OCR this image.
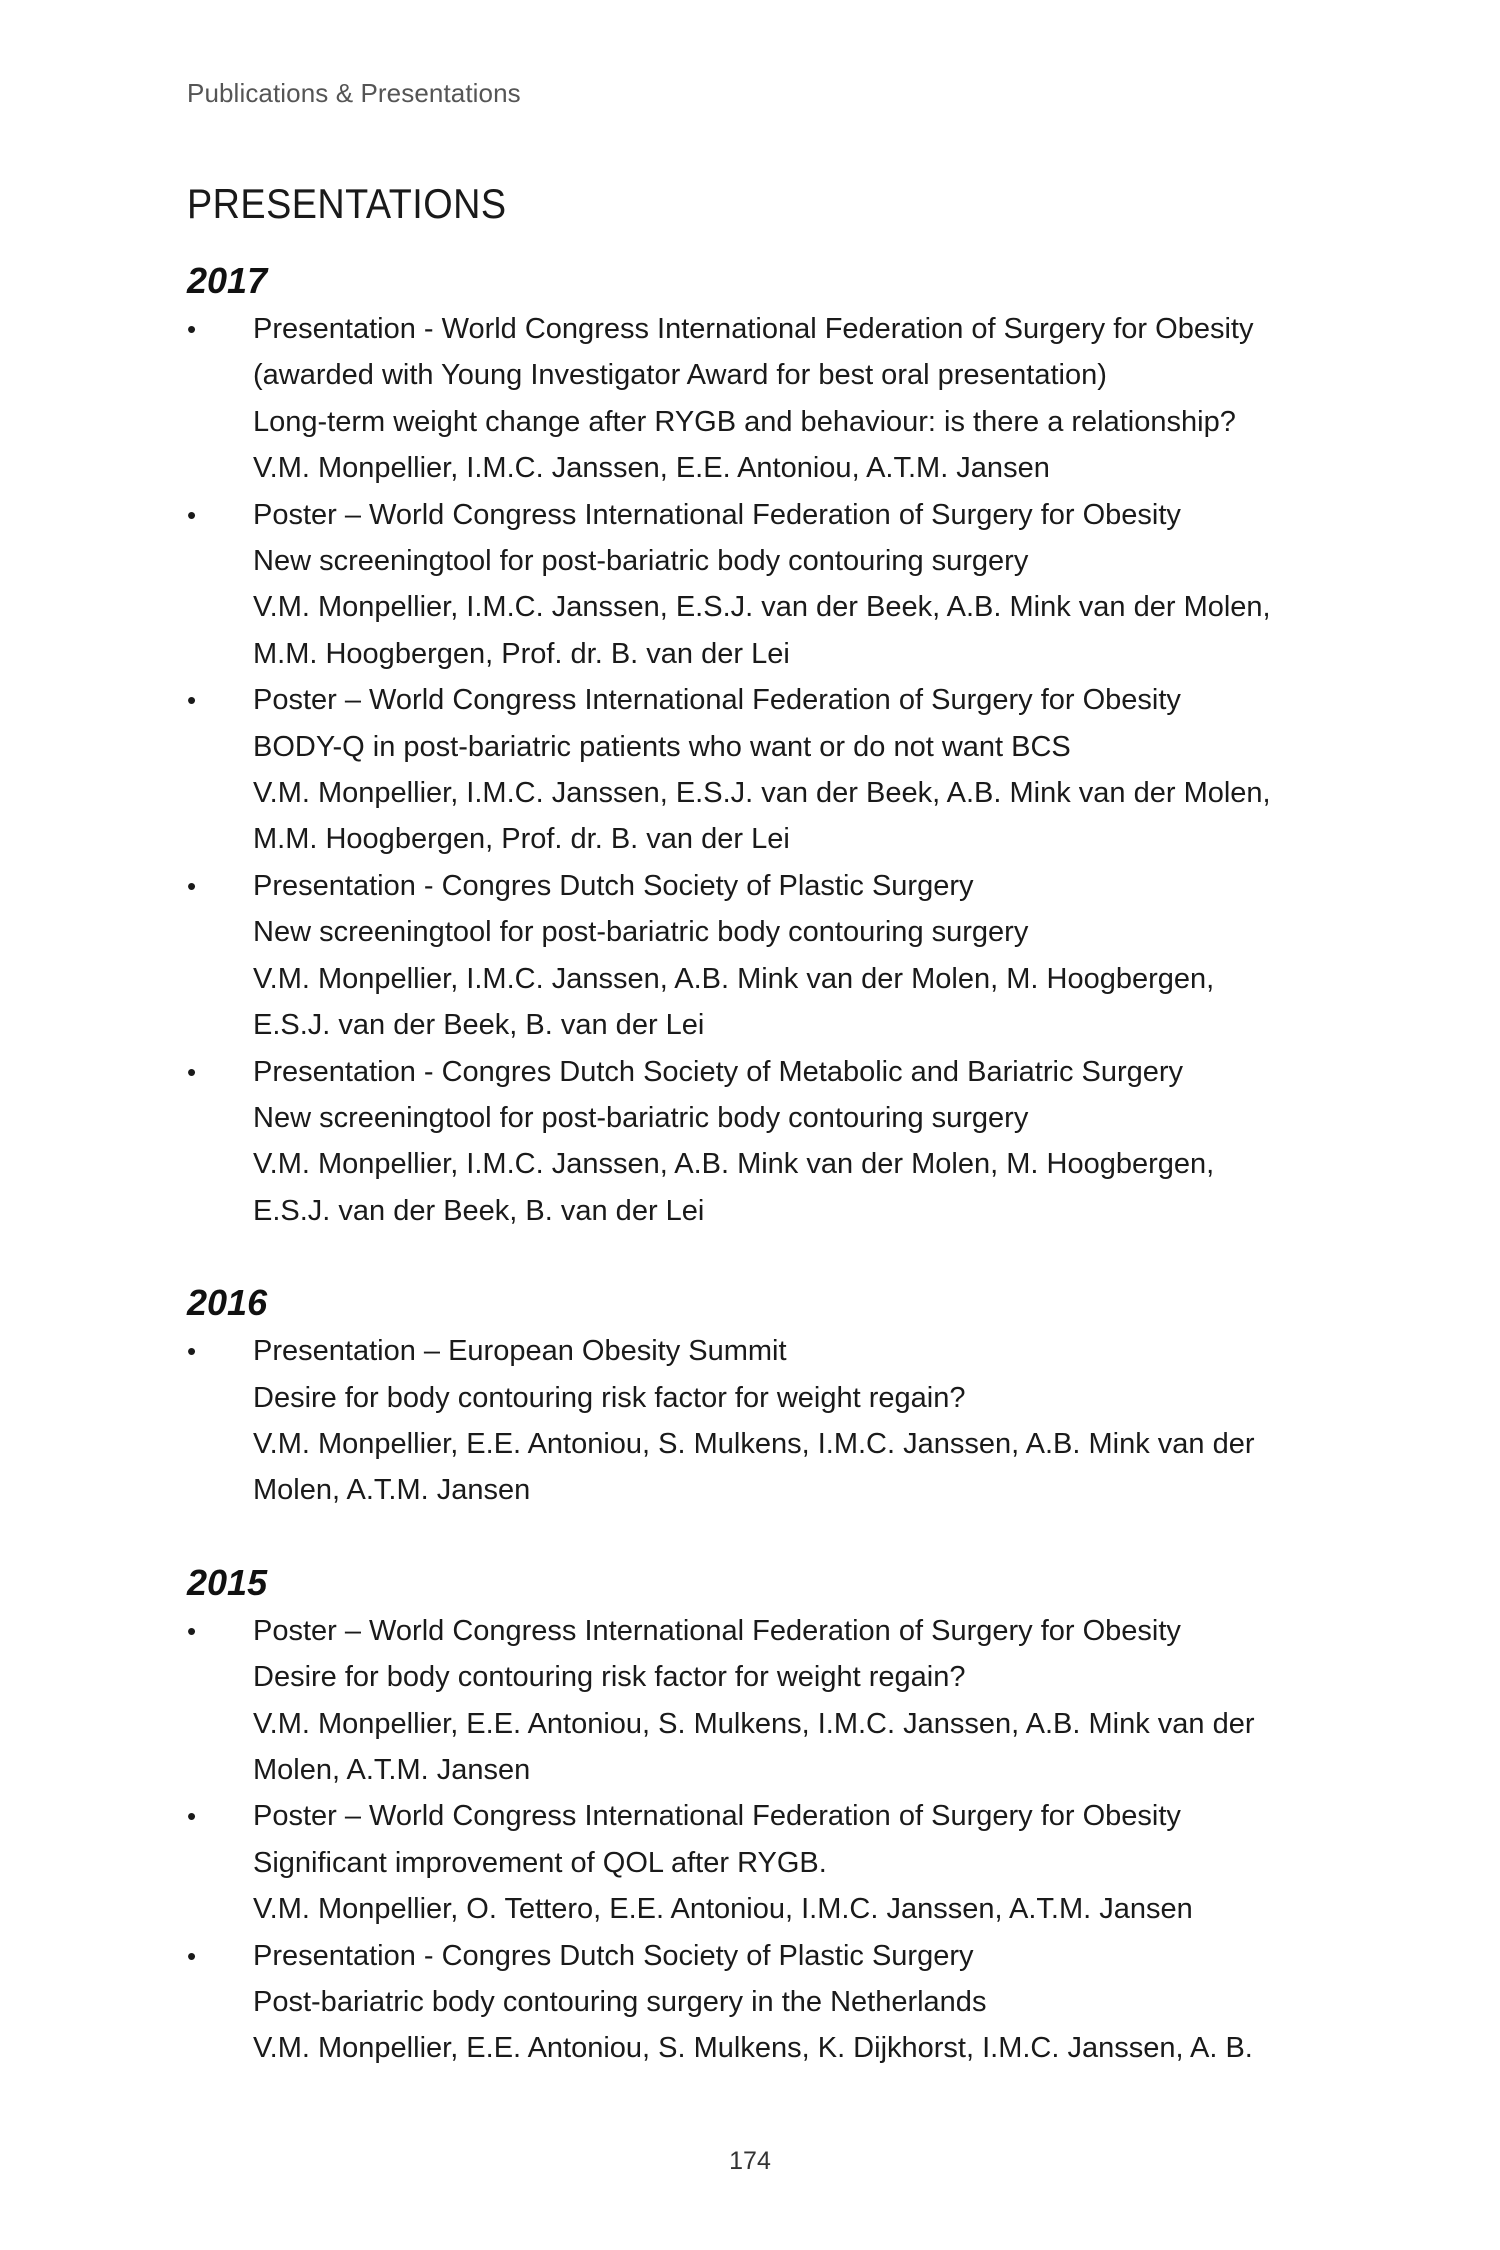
Publications & Presentations
PRESENTATIONS
2017
• Presentation - World Congress International Federation of Surgery for Obesity
(awarded with Young Investigator Award for best oral presentation)
Long-term weight change after RYGB and behaviour: is there a relationship?
V.M. Monpellier, I.M.C. Janssen, E.E. Antoniou, A.T.M. Jansen
• Poster – World Congress International Federation of Surgery for Obesity
New screeningtool for post-bariatric body contouring surgery
V.M. Monpellier, I.M.C. Janssen, E.S.J. van der Beek, A.B. Mink van der Molen,
M.M. Hoogbergen, Prof. dr. B. van der Lei
• Poster – World Congress International Federation of Surgery for Obesity
BODY-Q in post-bariatric patients who want or do not want BCS
V.M. Monpellier, I.M.C. Janssen, E.S.J. van der Beek, A.B. Mink van der Molen,
M.M. Hoogbergen, Prof. dr. B. van der Lei
• Presentation - Congres Dutch Society of Plastic Surgery
New screeningtool for post-bariatric body contouring surgery
V.M. Monpellier, I.M.C. Janssen, A.B. Mink van der Molen, M. Hoogbergen,
E.S.J. van der Beek, B. van der Lei
• Presentation - Congres Dutch Society of Metabolic and Bariatric Surgery
New screeningtool for post-bariatric body contouring surgery
V.M. Monpellier, I.M.C. Janssen, A.B. Mink van der Molen, M. Hoogbergen,
E.S.J. van der Beek, B. van der Lei
2016
• Presentation – European Obesity Summit
Desire for body contouring risk factor for weight regain?
V.M. Monpellier, E.E. Antoniou, S. Mulkens, I.M.C. Janssen, A.B. Mink van der
Molen, A.T.M. Jansen
2015
• Poster – World Congress International Federation of Surgery for Obesity
Desire for body contouring risk factor for weight regain?
V.M. Monpellier, E.E. Antoniou, S. Mulkens, I.M.C. Janssen, A.B. Mink van der
Molen, A.T.M. Jansen
• Poster – World Congress International Federation of Surgery for Obesity
Significant improvement of QOL after RYGB.
V.M. Monpellier, O. Tettero, E.E. Antoniou, I.M.C. Janssen, A.T.M. Jansen
• Presentation - Congres Dutch Society of Plastic Surgery
Post-bariatric body contouring surgery in the Netherlands
V.M. Monpellier, E.E. Antoniou, S. Mulkens, K. Dijkhorst, I.M.C. Janssen, A. B.
174
